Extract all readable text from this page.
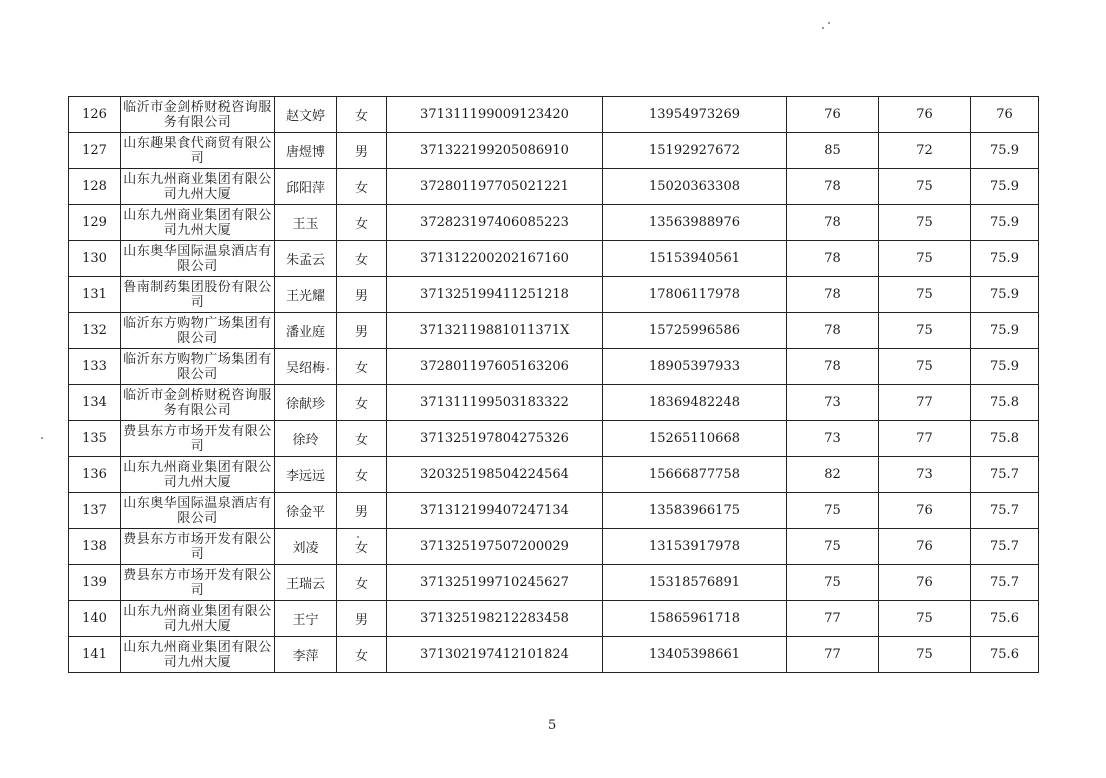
126	临沂市金剑桥财税咨询服务有限公司	赵文婷	女	371311199009123420	13954973269	76	76	76
127	山东趣果食代商贸有限公司	唐煜博	男	371322199205086910	15192927672	85	72	75.9
128	山东九州商业集团有限公司九州大厦	邱阳萍	女	372801197705021221	15020363308	78	75	75.9
129	山东九州商业集团有限公司九州大厦	王玉	女	372823197406085223	13563988976	78	75	75.9
130	山东奥华国际温泉酒店有限公司	朱孟云	女	371312200202167160	15153940561	78	75	75.9
131	鲁南制药集团股份有限公司	王光耀	男	371325199411251218	17806117978	78	75	75.9
132	临沂东方购物广场集团有限公司	潘业庭	男	37132119881011371X	15725996586	78	75	75.9
133	临沂东方购物广场集团有限公司	吴绍梅	女	372801197605163206	18905397933	78	75	75.9
134	临沂市金剑桥财税咨询服务有限公司	徐献珍	女	371311199503183322	18369482248	73	77	75.8
135	费县东方市场开发有限公司	徐玲	女	371325197804275326	15265110668	73	77	75.8
136	山东九州商业集团有限公司九州大厦	李远远	女	320325198504224564	15666877758	82	73	75.7
137	山东奥华国际温泉酒店有限公司	徐金平	男	371312199407247134	13583966175	75	76	75.7
138	费县东方市场开发有限公司	刘凌	女	371325197507200029	13153917978	75	76	75.7
139	费县东方市场开发有限公司	王瑞云	女	371325199710245627	15318576891	75	76	75.7
140	山东九州商业集团有限公司九州大厦	王宁	男	371325198212283458	15865961718	77	75	75.6
141	山东九州商业集团有限公司九州大厦	李萍	女	371302197412101824	13405398661	77	75	75.6
5
